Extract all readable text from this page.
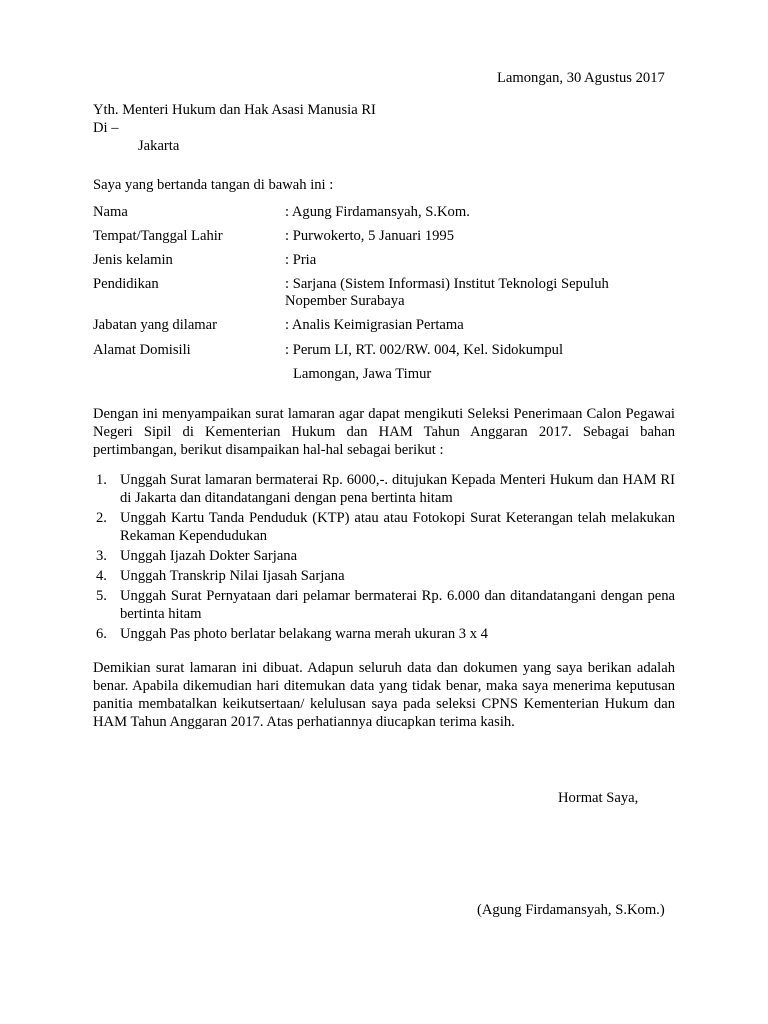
Lamongan, 30 Agustus 2017
Yth. Menteri Hukum dan Hak Asasi Manusia RI
Di –
Jakarta
Saya yang bertanda tangan di bawah ini :
Nama	: Agung Firdamansyah, S.Kom.
Tempat/Tanggal Lahir	: Purwokerto, 5 Januari 1995
Jenis kelamin	: Pria
Pendidikan	: Sarjana (Sistem Informasi) Institut Teknologi Sepuluh
Nopember Surabaya
Jabatan yang dilamar	: Analis Keimigrasian Pertama
Alamat Domisili	: Perum LI, RT. 002/RW. 004, Kel. Sidokumpul
Lamongan, Jawa Timur
Dengan ini menyampaikan surat lamaran agar dapat mengikuti Seleksi Penerimaan Calon Pegawai Negeri Sipil di Kementerian Hukum dan HAM Tahun Anggaran 2017. Sebagai bahan pertimbangan, berikut disampaikan hal-hal sebagai berikut :
1. Unggah Surat lamaran bermaterai Rp. 6000,-. ditujukan Kepada Menteri Hukum dan HAM RI di Jakarta dan ditandatangani dengan pena bertinta hitam
2. Unggah Kartu Tanda Penduduk (KTP) atau atau Fotokopi Surat Keterangan telah melakukan Rekaman Kependudukan
3. Unggah Ijazah Dokter Sarjana
4. Unggah Transkrip Nilai Ijasah Sarjana
5. Unggah Surat Pernyataan dari pelamar bermaterai Rp. 6.000 dan ditandatangani dengan pena bertinta hitam
6. Unggah Pas photo berlatar belakang warna merah ukuran 3 x 4
Demikian surat lamaran ini dibuat. Adapun seluruh data dan dokumen yang saya berikan adalah benar. Apabila dikemudian hari ditemukan data yang tidak benar, maka saya menerima keputusan panitia membatalkan keikutsertaan/ kelulusan saya pada seleksi CPNS Kementerian Hukum dan HAM Tahun Anggaran 2017. Atas perhatiannya diucapkan terima kasih.
Hormat Saya,
(Agung Firdamansyah, S.Kom.)
